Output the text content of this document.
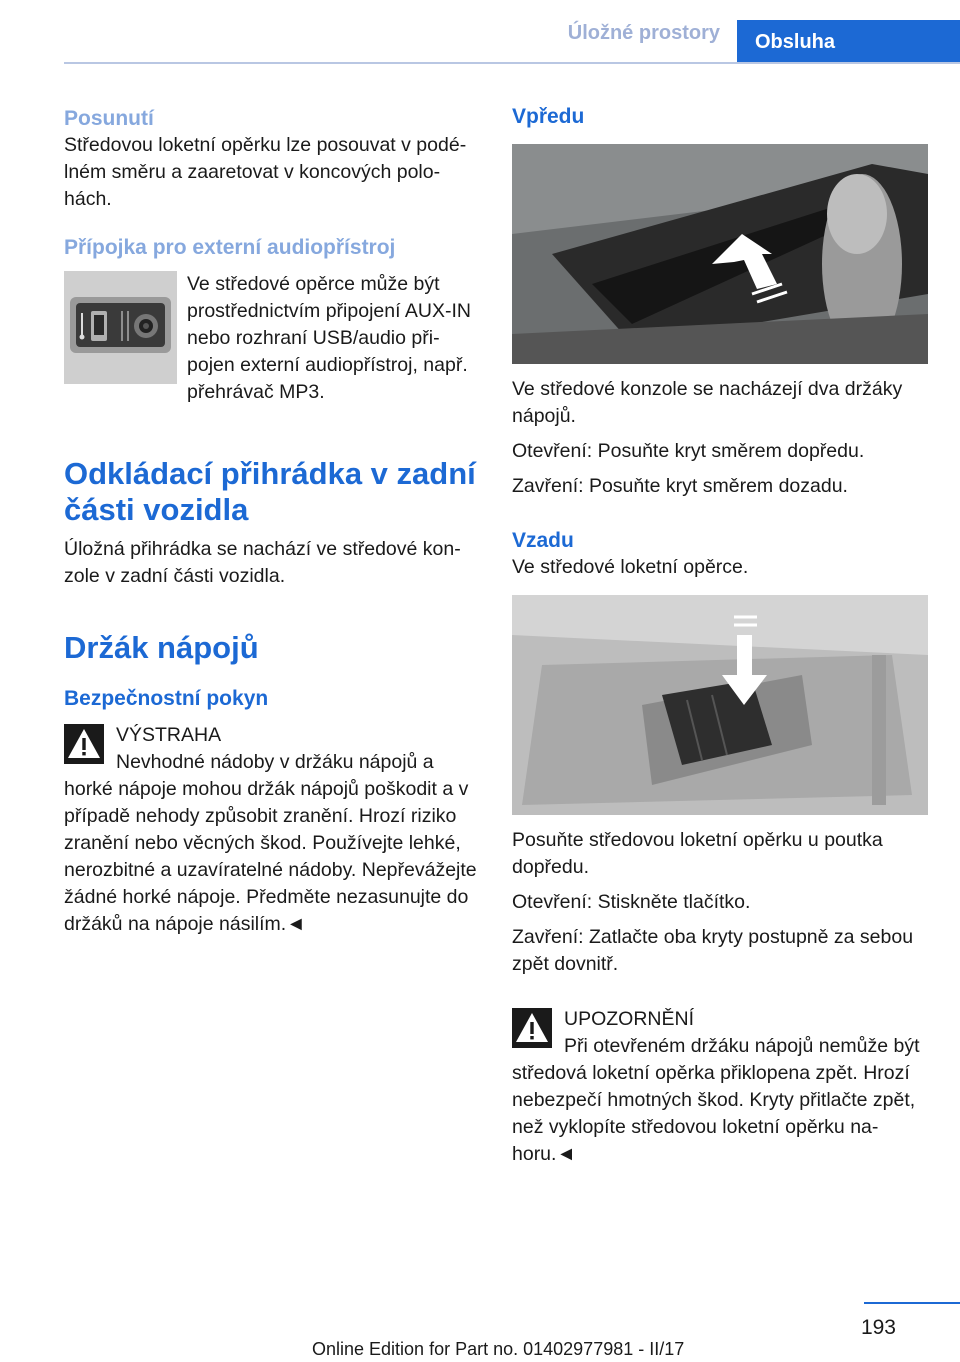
Úložné prostory	Obsluha
Posunutí

Středovou loketní opěrku lze posouvat v podélném směru a zaaretovat v koncových polohách.

Přípojka pro externí audiopřístroj

Ve středové opěrce může být prostřednictvím připojení AUX-IN nebo rozhraní USB/audio připojen externí audiopřístroj, např. přehrávač MP3.

Odkládací přihrádka v zadní části vozidla

Úložná přihrádka se nachází ve středové konzole v zadní části vozidla.

Držák nápojů
Bezpečnostní pokyn

VÝSTRAHA

Nevhodné nádoby v držáku nápojů a horké nápoje mohou držák nápojů poškodit a v případě nehody způsobit zranění. Hrozí riziko zranění nebo věcných škod. Používejte lehké, nerozbitné a uzavíratelné nádoby. Nepřevážejte žádné horké nápoje. Předměte nezasunujte do držáků na nápoje násilím.◄

Vpředu

Ve středové konzole se nacházejí dva držáky nápojů.

Otevření: Posuňte kryt směrem dopředu.

Zavření: Posuňte kryt směrem dozadu.

Vzadu

Ve středové loketní opěrce.

Posuňte středovou loketní opěrku u poutka dopředu.

Otevření: Stiskněte tlačítko.

Zavření: Zatlačte oba kryty postupně za sebou zpět dovnitř.

UPOZORNĚNÍ

Při otevřeném držáku nápojů nemůže být středová loketní opěrka přiklopena zpět. Hrozí nebezpečí hmotných škod. Kryty přitlačte zpět, než vyklopíte středovou loketní opěrku nahoru.◄

193
Online Edition for Part no. 01402977981 - II/17
